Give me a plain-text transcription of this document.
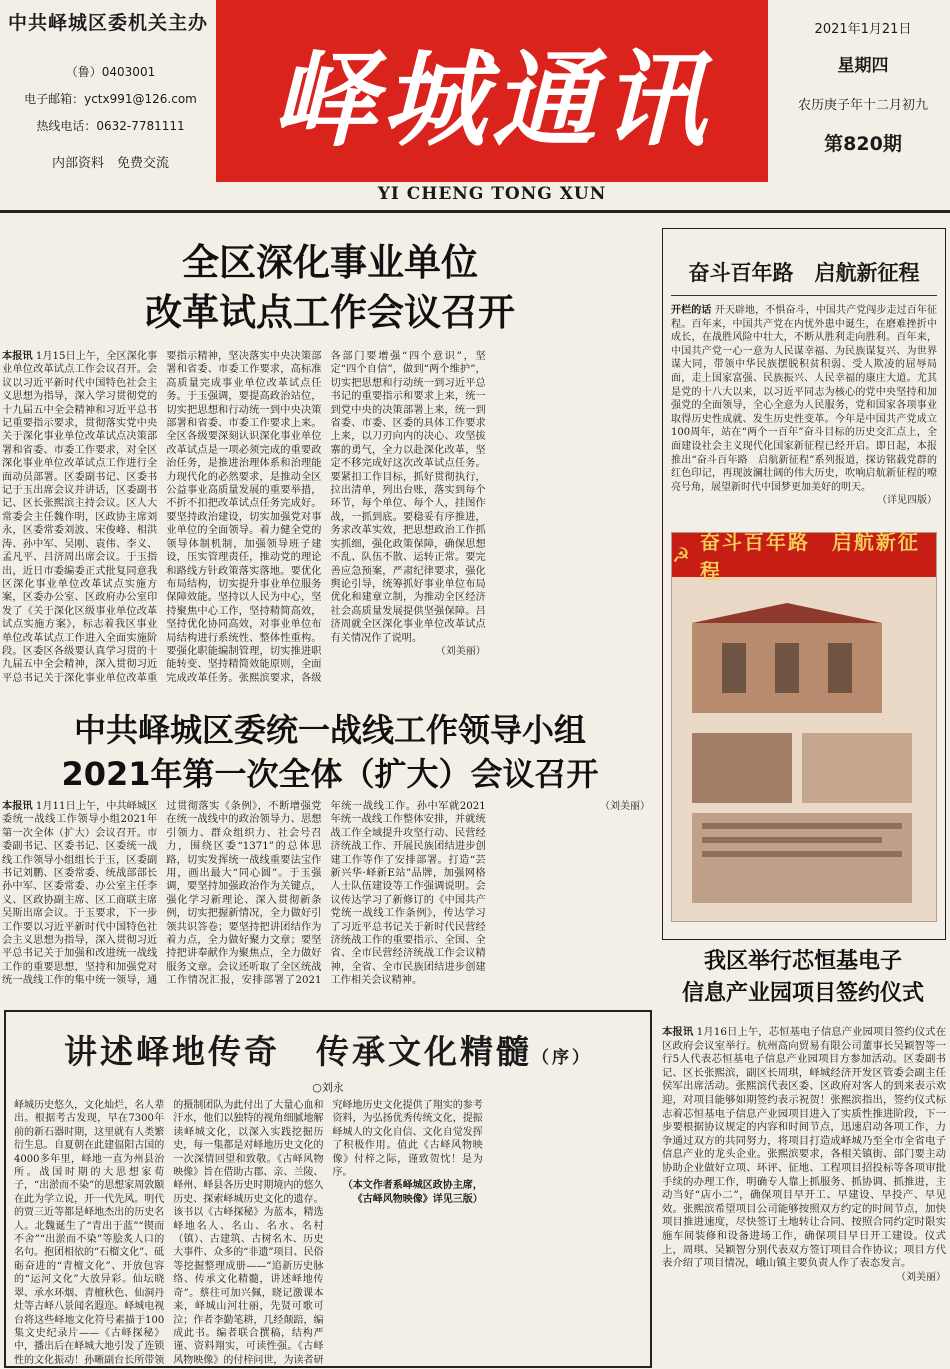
中共峄城区委机关主办
（鲁）0403001
电子邮箱：yctx991@126.com
热线电话：0632-7781111
内部资料　免费交流
峄城通讯
YI CHENG TONG XUN
2021年1月21日
星期四
农历庚子年十二月初九
第820期
全区深化事业单位
改革试点工作会议召开
本报讯 1月15日上午，全区深化事业单位改革试点工作会议召开。会议以习近平新时代中国特色社会主义思想为指导，深入学习贯彻党的十九届五中全会精神和习近平总书记重要指示要求，贯彻落实党中央关于深化事业单位改革试点决策部署和省委、市委工作要求，对全区深化事业单位改革试点工作进行全面动员部署。区委副书记、区委书记于玉出席会议并讲话，区委副书记、区长张熙滨主持会议。区人大常委会主任魏作明，区政协主席刘永，区委常委刘波、宋俊峰、相洪涛、孙中军、吴刚、袁伟、李义、孟凡平、吕济周出席会议。于玉指出，近日市委编委正式批复同意我区深化事业单位改革试点实施方案，区委办公室、区政府办公室印发了《关于深化区级事业单位改革试点实施方案》，标志着我区事业单位改革试点工作进入全面实施阶段。区委区各级要认真学习贯的十九届五中全会精神，深入贯彻习近平总书记关于深化事业单位改革重要指示精神，坚决落实中央决策部署和省委、市委工作要求，高标准高质量完成事业单位改革试点任务。于玉强调，要提高政治站位，切实把思想和行动统一到中央决策部署和省委、市委工作要求上来。全区各级要深刻认识深化事业单位改革试点是一项必须完成的重要政治任务，是推进治理体系和治理能力现代化的必然要求，是推动全区公益事业高质量发展的重要举措，不折不扣把改革试点任务完成好。要坚持政治建设，切实加强党对事业单位的全面领导。着力健全党的领导体制机制，加强领导班子建设，压实管理责任，推动党的理论和路线方针政策落实落地。要优化布局结构，切实提升事业单位服务保障效能。坚持以人民为中心，坚持聚焦中心工作，坚持精简高效，坚持优化协同高效，对事业单位布局结构进行系统性、整体性重构。要强化职能编制管理，切实推进职能转变、坚持精简效能原则，全面完成改革任务。张熙滨要求，各级各部门要增强“四个意识”，坚定“四个自信”，做到“两个维护”，切实把思想和行动统一到习近平总书记的重要指示和要求上来，统一到党中央的决策部署上来，统一到省委、市委、区委的具体工作要求上来，以刀刃向内的决心、攻坚拔寨的勇气，全力以赴深化改革，坚定不移完成好这次改革试点任务。要紧扣工作目标，抓好贯彻执行，拉出清单，列出台账，落实到每个环节，每个单位、每个人，挂图作战，一抓到底。要稳妥有序推进，务求改革实效，把思想政治工作抓实抓细，强化政策保障，确保思想不乱、队伍不散、运转正常。要完善应急预案，严肃纪律要求，强化舆论引导，统筹抓好事业单位布局优化和建章立制，为推动全区经济社会高质量发展提供坚强保障。吕济周就全区深化事业单位改革试点有关情况作了说明。
（刘美丽）
中共峄城区委统一战线工作领导小组
2021年第一次全体（扩大）会议召开
本报讯 1月11日上午，中共峄城区委统一战线工作领导小组2021年第一次全体（扩大）会议召开。市委副书记、区委书记、区委统一战线工作领导小组组长于玉，区委副书记刘鹏、区委常委、统战部部长孙中军、区委常委、办公室主任李义、区政协副主席、区工商联主席吴斯出席会议。于玉要求，下一步工作要以习近平新时代中国特色社会主义思想为指导，深入贯彻习近平总书记关于加强和改进统一战线工作的重要思想，坚持和加强党对统一战线工作的集中统一领导，通过贯彻落实《条例》，不断增强党在统一战线中的政治领导力、思想引领力、群众组织力、社会号召力，围绕区委“1371”的总体思路，切实发挥统一战线重要法宝作用，画出最大“同心圆”。于玉强调，要坚持加强政治作为关键点，强化学习新理论、深入贯彻新条例，切实把握新情况，全力做好引领共识答卷；要坚持把讲团结作为着力点，全力做好聚力文章；要坚持把讲奉献作为聚焦点，全力做好服务文章。会议还听取了全区统战工作情况汇报，安排部署了2021年统一战线工作。孙中军就2021年统一战线工作整体安排，并就统战工作全域提升攻坚行动、民营经济统战工作、开展民族团结进步创建工作等作了安排部署。打造“芸新兴华·峄新E站”品牌，加强网格人士队伍建设等工作强调说明。会议传达学习了新修订的《中国共产党统一战线工作条例》，传达学习了习近平总书记关于新时代民营经济统战工作的重要指示、全国、全省、全市民营经济统战工作会议精神，全省、全市民族团结进步创建工作相关会议精神。
（刘美丽）
奋斗百年路　启航新征程
开栏的话 开天辟地，不惧奋斗，中国共产党闯步走过百年征程。百年来，中国共产党在内忧外患中诞生，在磨难挫折中成长，在战胜风险中壮大，不断从胜利走向胜利。百年来，中国共产党一心一意为人民谋幸福、为民族谋复兴、为世界谋大同，带领中华民族摆脱积贫积弱、受人欺凌的屈辱局面，走上国家富强、民族振兴、人民幸福的康庄大道。尤其是党的十八大以来，以习近平同志为核心的党中央坚持和加强党的全面领导，全心全意为人民服务，党和国家各项事业取得历史性成就、发生历史性变革。今年是中国共产党成立100周年，站在“两个一百年”奋斗目标的历史交汇点上，全面建设社会主义现代化国家新征程已经开启。即日起，本报推出“奋斗百年路　启航新征程”系列报道，探访铭载党群的红色印记，再现波澜壮阔的伟大历史，吹响启航新征程的嘹亮号角，展望新时代中国梦更加美好的明天。
（详见四版）
☭
奋斗百年路　启航新征程
我区举行芯恒基电子
信息产业园项目签约仪式
本报讯 1月16日上午，芯恒基电子信息产业园项目签约仪式在区政府会议室举行。杭州高向贸易有限公司董事长吴颖智等一行5人代表芯恒基电子信息产业园项目方参加活动。区委副书记、区长张熙滨，副区长周琪，峄城经济开发区管委会副主任侯军出席活动。张熙滨代表区委、区政府对客人的到来表示欢迎，对项目能够如期签约表示祝贺！张熙滨指出，签约仪式标志着芯恒基电子信息产业园项目进入了实质性推进阶段，下一步要根据协议规定的内容和时间节点，迅速启动各项工作，力争通过双方的共同努力，将项目打造成峄城乃至全市全省电子信息产业的龙头企业。张熙滨要求，各相关镇街、部门要主动协助企业做好立项、环评、征地、工程项目招投标等各项审批手续的办理工作，明确专人靠上抓服务、抓协调、抓推进，主动当好“店小二”，确保项目早开工、早建设、早投产、早见效。张熙滨希望项目公司能够按照双方约定的时间节点，加快项目推进速度，尽快签订土地转让合同、按照合同约定时限实施车间装修和设备进场工作，确保项目早日开工建设。仪式上，周琪、吴颖智分别代表双方签订项目合作协议；项目方代表介绍了项目情况，峨山镇主要负责人作了表态发言。
（刘美丽）
讲述峄地传奇　传承文化精髓（序）
○刘永
峄城历史悠久，文化灿烂，名人辈出。根据考古发现，早在7300年前的新石器时期，这里就有人类繁衍生息。自夏朝在此建偪阳古国的4000多年里，峄地一直为州县治所。战国时期的大思想家荀子，“出淤而不染”的思想家周敦颐在此为学立说，开一代先风。明代的贾三近等都是峄地杰出的历史名人。北魏诞生了“青出于蓝”“锲而不舍”“出淤而不染”等脍炙人口的名句。抱团相依的“石榴文化”、砥砺奋进的“青檀文化”、开放包容的“运河文化”大放异彩。仙坛晓翠、承水环烟、青檀秋色、仙洞丹灶等古峄八景闻名遐迩。峄城电视台将这些峄地文化符号素描于100集文史纪录片——《古峄探秘》中，播出后在峄城大地引发了连锁性的文化振动！孙晰副台长所带领的摄制团队为此付出了大量心血和汗水，他们以独特的视角细腻地解读峄城文化，以深入实践挖掘历史，每一集都是对峄地历史文化的一次深情回望和致敬。《古峄风物映像》旨在借助古郡、亲、兰陵、峄州、峄县各历史时期境内的悠久历史、探索峄城历史文化的遗存。该书以《古峄探秘》为蓝本，精选峄地名人、名山、名水、名村（镇）、古建筑、古树名木、历史大事件、众多的“非遗”项目、民俗等挖掘整理成册——“追新历史脉络、传承文化精髓，讲述峄地传奇”。蔡往可加兴佩，晓记激课本来，峄城山河壮丽，先贤可歌可泣；作者李勤笔耕，几经颠踣，编成此书。编者联合撰稿，结构严谨、资料翔实，可读性强。《古峄风物映像》的付梓问世，为读者研究峄地历史文化提供了翔实的参考资料，为弘扬优秀传统文化，提振峄城人的文化自信、文化自觉发挥了积极作用。值此《古峄风物映像》付梓之际，谨致贺忱！是为序。
（本文作者系峄城区政协主席，《古峄风物映像》详见三版）
